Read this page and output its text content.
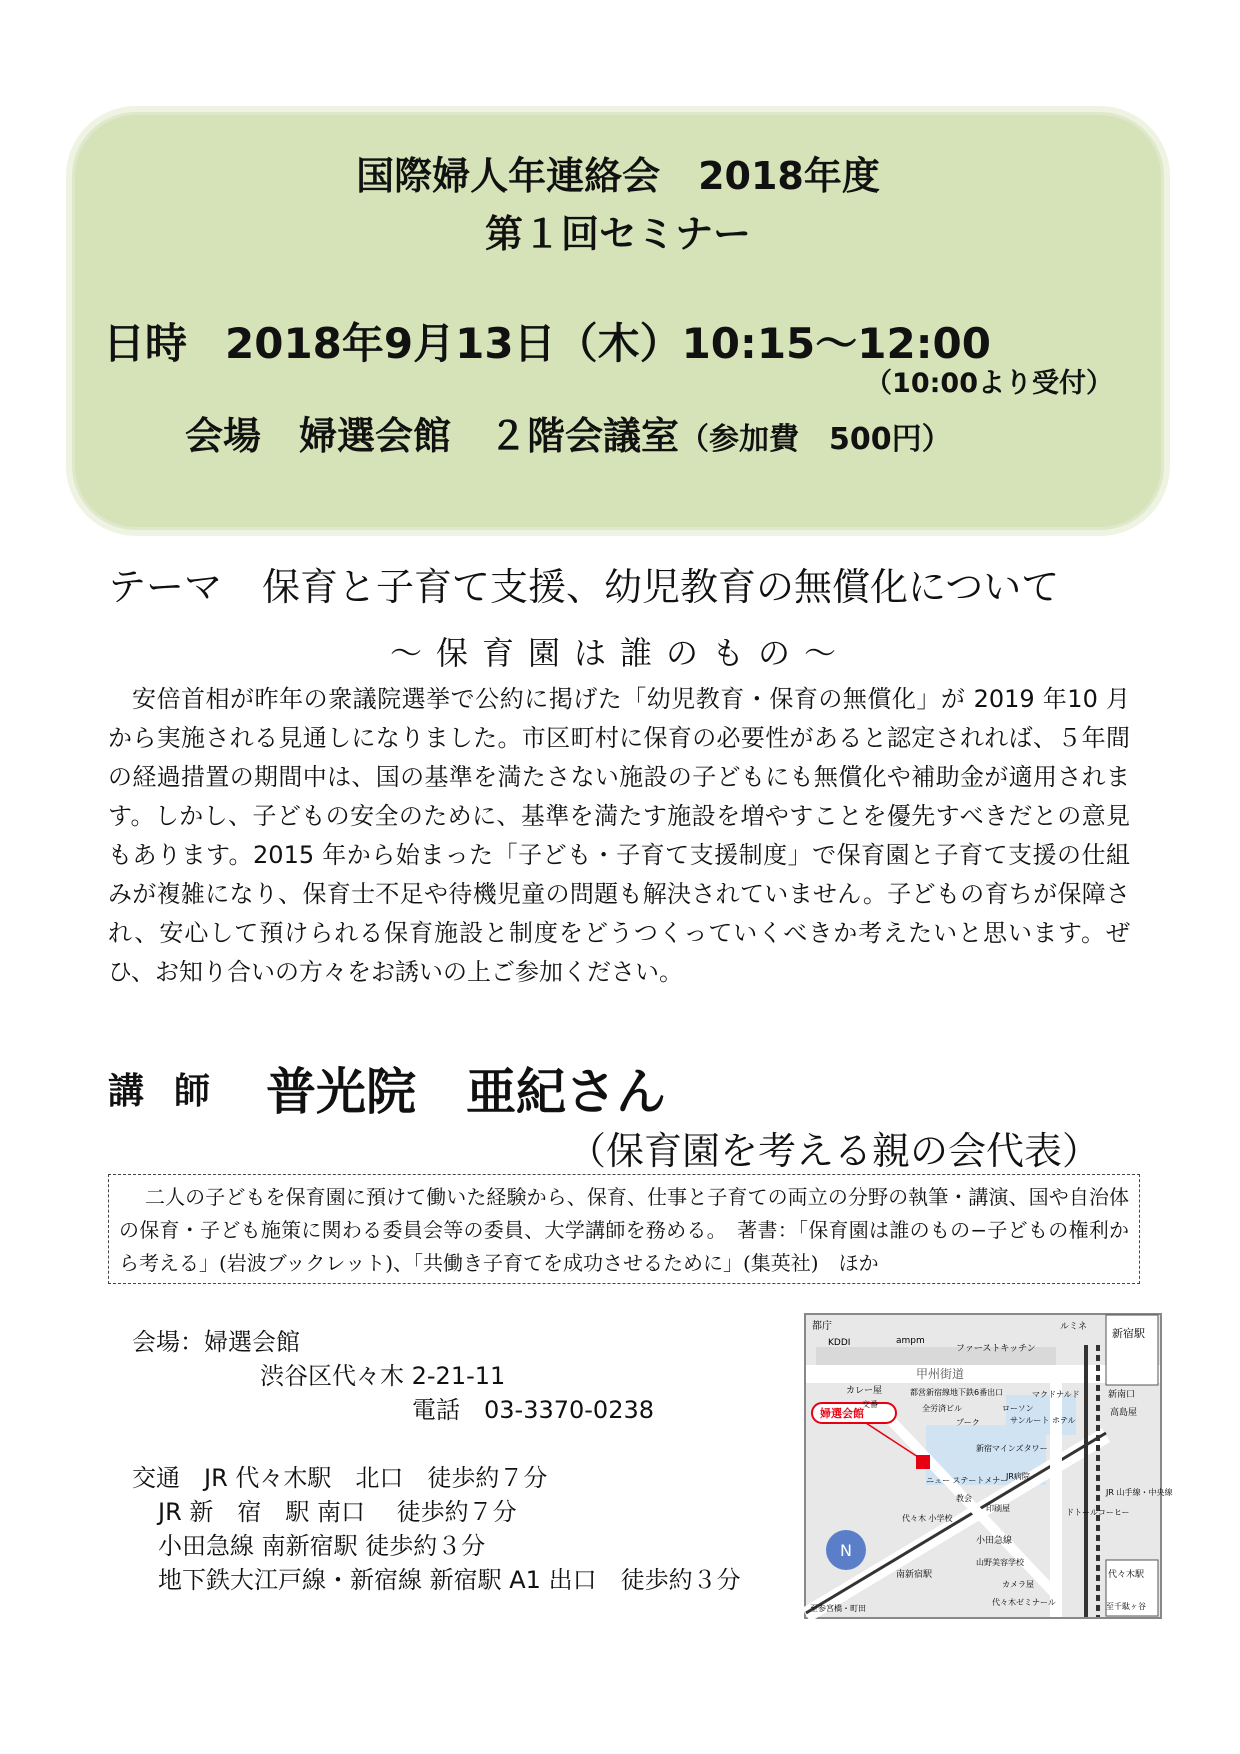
国際婦人年連絡会　2018年度
第１回セミナー
日時 2018年9月13日（木）10:15～12:00
（10:00より受付）
会場 婦選会館 ２階会議室（参加費　500円）
テーマ 保育と子育て支援、幼児教育の無償化について
～保育園は誰のもの～
安倍首相が昨年の衆議院選挙で公約に掲げた「幼児教育・保育の無償化」が 2019 年10 月から実施される見通しになりました。市区町村に保育の必要性があると認定されれば、５年間の経過措置の期間中は、国の基準を満たさない施設の子どもにも無償化や補助金が適用されます。しかし、子どもの安全のために、基準を満たす施設を増やすことを優先すべきだとの意見もあります。2015 年から始まった「子ども・子育て支援制度」で保育園と子育て支援の仕組みが複雑になり、保育士不足や待機児童の問題も解決されていません。子どもの育ちが保障され、安心して預けられる保育施設と制度をどうつくっていくべきか考えたいと思います。ぜひ、お知り合いの方々をお誘いの上ご参加ください。
講師 普光院　亜紀さん
（保育園を考える親の会代表）
二人の子どもを保育園に預けて働いた経験から、保育、仕事と子育ての両立の分野の執筆・講演、国や自治体の保育・子ども施策に関わる委員会等の委員、大学講師を務める。　著書：「保育園は誰のもの−子どもの権利から考える」(岩波ブックレット)、「共働き子育てを成功させるために」(集英社)　ほか
会場：婦選会館
渋谷区代々木 2-21-11
電話　03-3370-0238
交通　JR 代々木駅　北口　徒歩約７分
JR 新　宿　駅 南口　 徒歩約７分
小田急線 南新宿駅 徒歩約３分
地下鉄大江戸線・新宿線 新宿駅 A1 出口　徒歩約３分
N
都庁
KDDI	ampm
ファーストキッチン
甲州街道
ルミネ 新宿駅
新南口
高島屋
カレー屋
交番
都営新宿線地下鉄6番出口
全労済ビル	ローソン
マクドナルド
プーク	サンルート ホテル
婦選会館
新宿マインズタワー
JR病院
ニュー ステートメナー
教会
印刷屋
小田急線
代々木 小学校
山野美容学校
南新宿駅
JR 山手線・中央線
代々木駅
カメラ屋
代々木ゼミナール
ドトールコーヒー
至参宮橋・町田	至千駄ヶ谷
